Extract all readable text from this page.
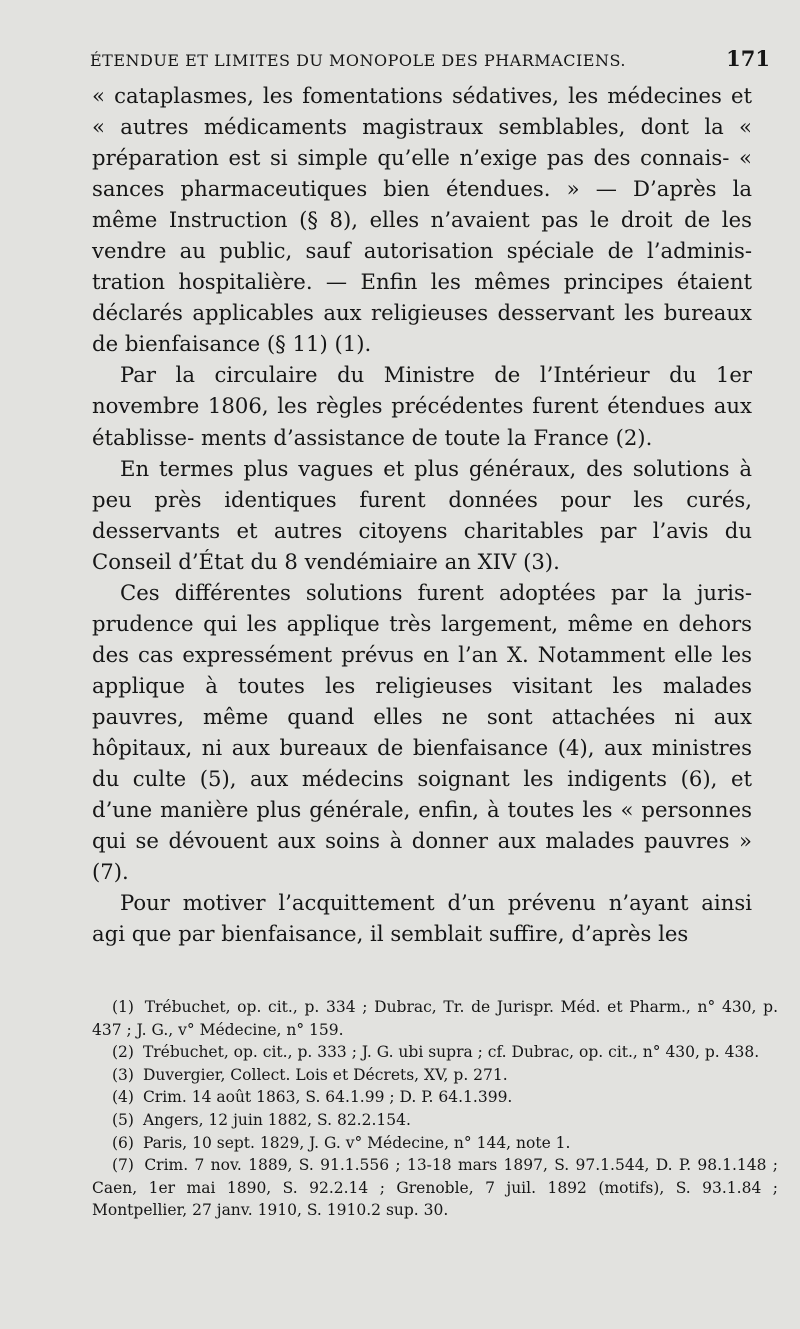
ÉTENDUE ET LIMITES DU MONOPOLE DES PHARMACIENS.	171

« cataplasmes, les fomentations sédatives, les médecines et « autres médicaments magistraux semblables, dont la « préparation est si simple qu’elle n’exige pas des connais- « sances pharmaceutiques bien étendues. » — D’après la même Instruction (§ 8), elles n’avaient pas le droit de les vendre au public, sauf autorisation spéciale de l’adminis- tration hospitalière. — Enfin les mêmes principes étaient déclarés applicables aux religieuses desservant les bureaux de bienfaisance (§ 11) (1).

Par la circulaire du Ministre de l’Intérieur du 1er novembre 1806, les règles précédentes furent étendues aux établisse- ments d’assistance de toute la France (2).

En termes plus vagues et plus généraux, des solutions à peu près identiques furent données pour les curés, desservants et autres citoyens charitables par l’avis du Conseil d’État du 8 vendémiaire an XIV (3).

Ces différentes solutions furent adoptées par la juris- prudence qui les applique très largement, même en dehors des cas expressément prévus en l’an X. Notamment elle les applique à toutes les religieuses visitant les malades pauvres, même quand elles ne sont attachées ni aux hôpitaux, ni aux bureaux de bienfaisance (4), aux ministres du culte (5), aux médecins soignant les indigents (6), et d’une manière plus générale, enfin, à toutes les « personnes qui se dévouent aux soins à donner aux malades pauvres » (7).

Pour motiver l’acquittement d’un prévenu n’ayant ainsi agi que par bienfaisance, il semblait suffire, d’après les

(1) Trébuchet, op. cit., p. 334 ; Dubrac, Tr. de Jurispr. Méd. et Pharm., n° 430, p. 437 ; J. G., v° Médecine, n° 159.

(2) Trébuchet, op. cit., p. 333 ; J. G. ubi supra ; cf. Dubrac, op. cit., n° 430, p. 438.

(3) Duvergier, Collect. Lois et Décrets, XV, p. 271.

(4) Crim. 14 août 1863, S. 64.1.99 ; D. P. 64.1.399.

(5) Angers, 12 juin 1882, S. 82.2.154.

(6) Paris, 10 sept. 1829, J. G. v° Médecine, n° 144, note 1.

(7) Crim. 7 nov. 1889, S. 91.1.556 ; 13-18 mars 1897, S. 97.1.544, D. P. 98.1.148 ; Caen, 1er mai 1890, S. 92.2.14 ; Grenoble, 7 juil. 1892 (motifs), S. 93.1.84 ; Montpellier, 27 janv. 1910, S. 1910.2 sup. 30.
